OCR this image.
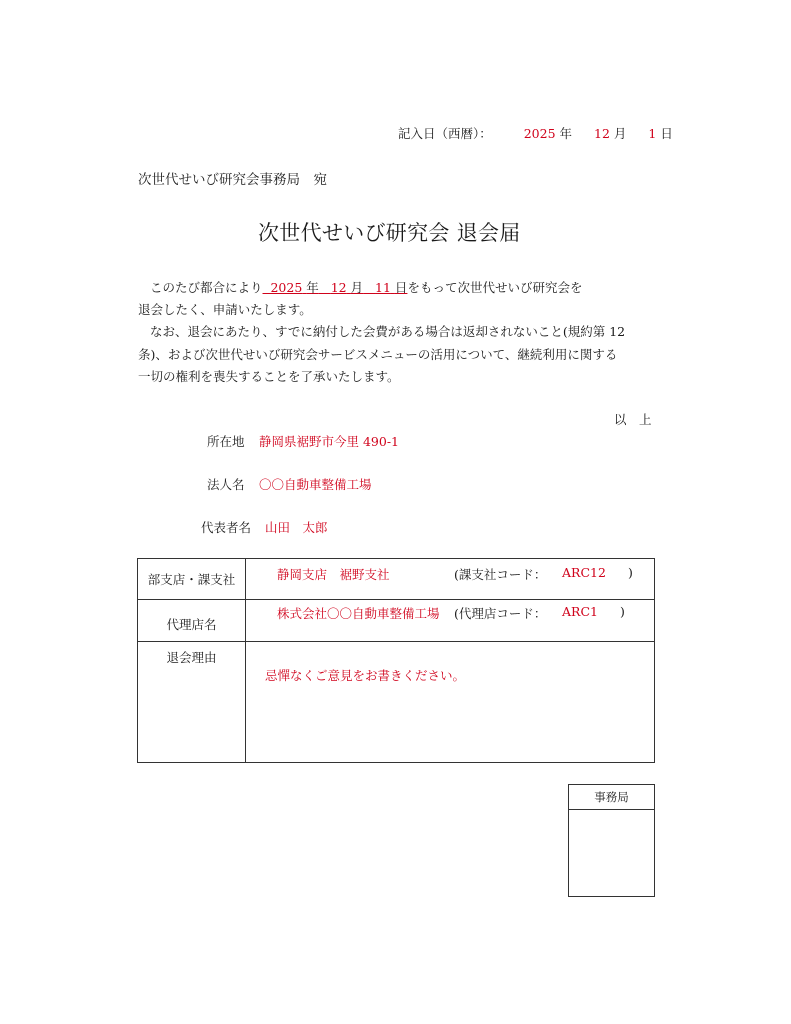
記入日（西暦）：	2025 年 12 月 1 日
次世代せいび研究会事務局　宛
次世代せいび研究会 退会届
このたび都合により 2025 年 12 月 11 日をもって次世代せいび研究会を
退会したく、申請いたします。
なお、退会にあたり、すでに納付した会費がある場合は返却されないこと(規約第 12
条)、および次世代せいび研究会サービスメニューの活用について、継続利用に関する
一切の権利を喪失することを了承いたします。
以　上
所在地 静岡県裾野市今里 490-1
法人名 〇〇自動車整備工場
代表者名 山田　太郎
部支店・課支社	静岡支店　裾野支社 (課支社コード： ARC12 )

代理店名	株式会社〇〇自動車整備工場 (代理店コード： ARC1 )

退会理由	忌憚なくご意見をお書きください。
事務局
